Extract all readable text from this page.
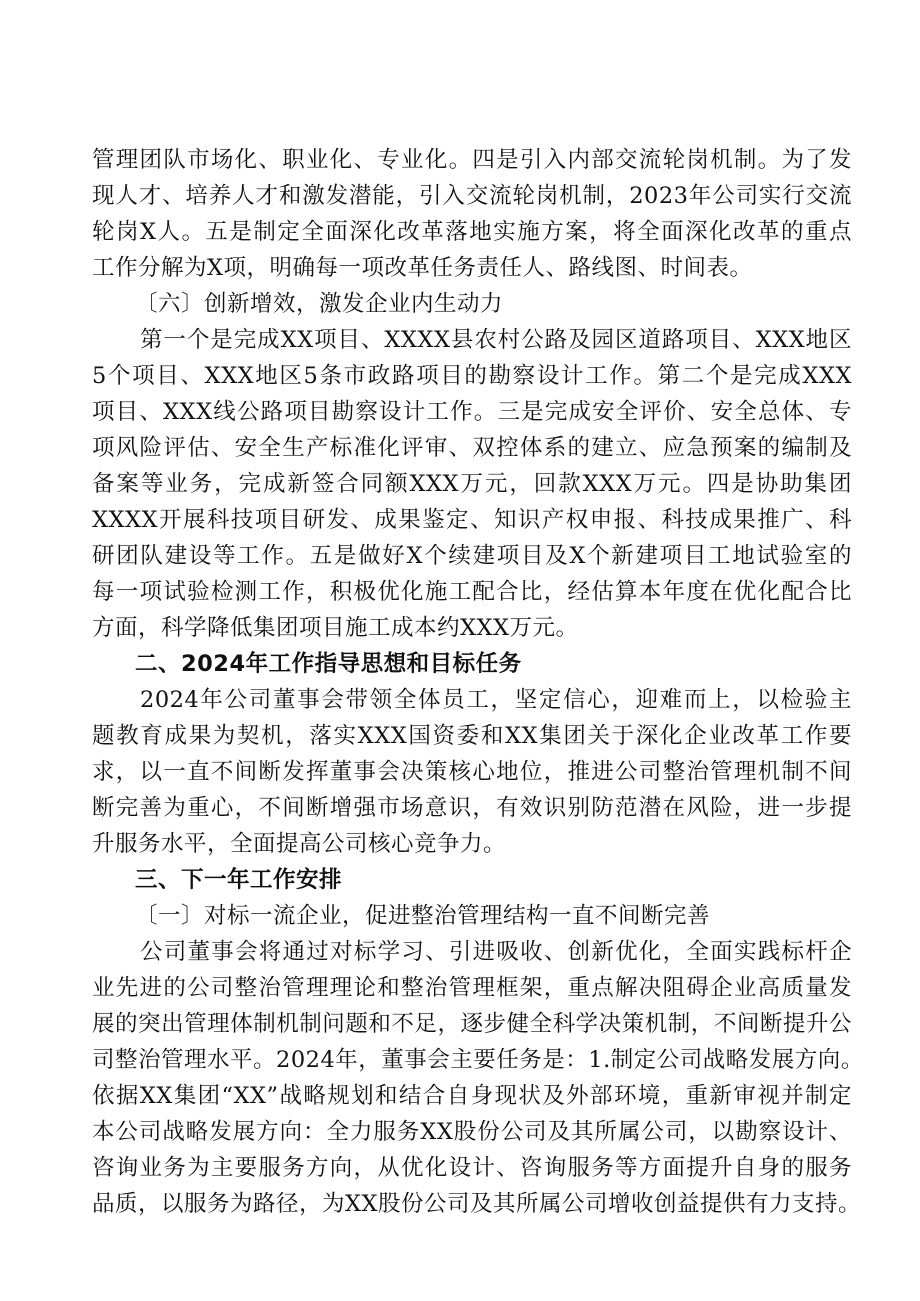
管理团队市场化、职业化、专业化。四是引入内部交流轮岗机制。为了发
现人才、培养人才和激发潜能，引入交流轮岗机制，2023年公司实行交流
轮岗X人。五是制定全面深化改革落地实施方案，将全面深化改革的重点
工作分解为X项，明确每一项改革任务责任人、路线图、时间表。
〔六〕创新增效，激发企业内生动力
第一个是完成XX项目、XXXX县农村公路及园区道路项目、XXX地区
5个项目、XXX地区5条市政路项目的勘察设计工作。第二个是完成XXX
项目、XXX线公路项目勘察设计工作。三是完成安全评价、安全总体、专
项风险评估、安全生产标准化评审、双控体系的建立、应急预案的编制及
备案等业务，完成新签合同额XXX万元，回款XXX万元。四是协助集团
XXXX开展科技项目研发、成果鉴定、知识产权申报、科技成果推广、科
研团队建设等工作。五是做好X个续建项目及X个新建项目工地试验室的
每一项试验检测工作，积极优化施工配合比，经估算本年度在优化配合比
方面，科学降低集团项目施工成本约XXX万元。
二、2024年工作指导思想和目标任务
2024年公司董事会带领全体员工，坚定信心，迎难而上，以检验主
题教育成果为契机，落实XXX国资委和XX集团关于深化企业改革工作要
求，以一直不间断发挥董事会决策核心地位，推进公司整治管理机制不间
断完善为重心，不间断增强市场意识，有效识别防范潜在风险，进一步提
升服务水平，全面提高公司核心竞争力。
三、下一年工作安排
〔一〕对标一流企业，促进整治管理结构一直不间断完善
公司董事会将通过对标学习、引进吸收、创新优化，全面实践标杆企
业先进的公司整治管理理论和整治管理框架，重点解决阻碍企业高质量发
展的突出管理体制机制问题和不足，逐步健全科学决策机制，不间断提升公
司整治管理水平。2024年，董事会主要任务是：1.制定公司战略发展方向。
依据XX集团“XX”战略规划和结合自身现状及外部环境，重新审视并制定
本公司战略发展方向：全力服务XX股份公司及其所属公司，以勘察设计、
咨询业务为主要服务方向，从优化设计、咨询服务等方面提升自身的服务
品质，以服务为路径，为XX股份公司及其所属公司增收创益提供有力支持。
